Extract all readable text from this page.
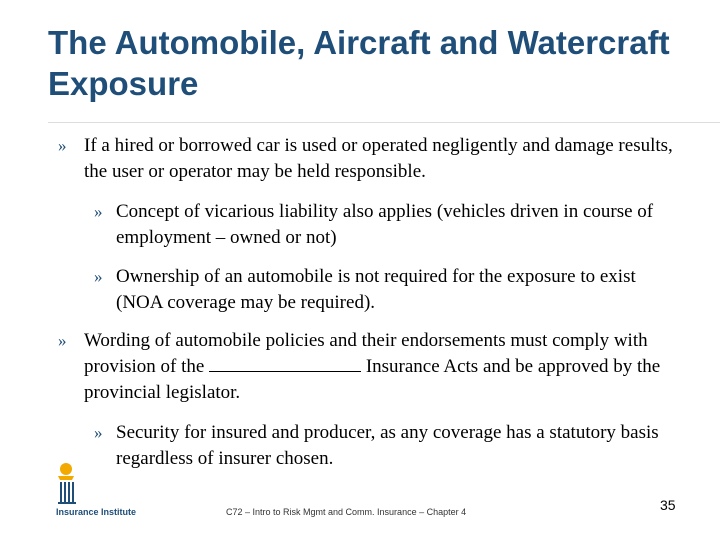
The Automobile, Aircraft and Watercraft Exposure
» If a hired or borrowed car is used or operated negligently and damage results, the user or operator may be held responsible.
» Concept of vicarious liability also applies (vehicles driven in course of employment – owned or not)
» Ownership of an automobile is not required for the exposure to exist (NOA coverage may be required).
» Wording of automobile policies and their endorsements must comply with provision of the	Insurance Acts and be approved by the provincial legislator.
» Security for insured and producer, as any coverage has a statutory basis regardless of insurer chosen.
Insurance Institute	C72 – Intro to Risk Mgmt and Comm. Insurance – Chapter 4	35
